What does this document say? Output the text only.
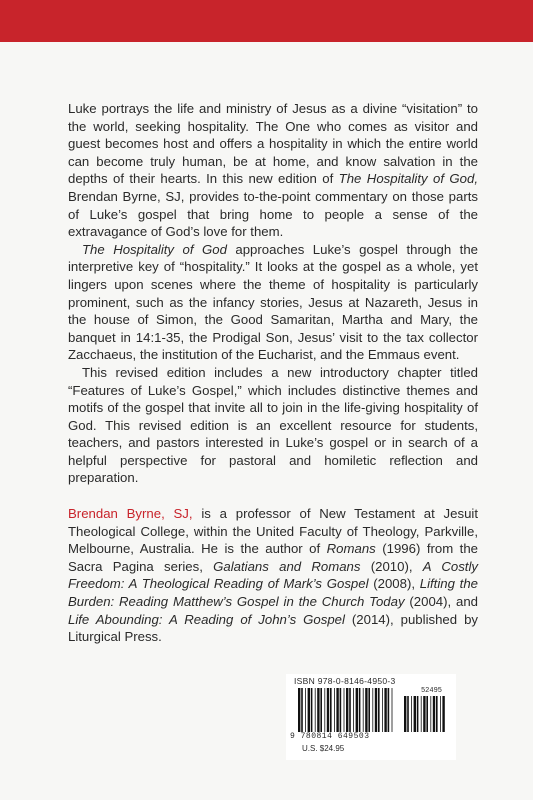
Luke portrays the life and ministry of Jesus as a divine “visitation” to the world, seeking hospitality. The One who comes as visitor and guest becomes host and offers a hospitality in which the entire world can become truly human, be at home, and know salvation in the depths of their hearts. In this new edition of The Hospitality of God, Brendan Byrne, SJ, provides to-the-point commentary on those parts of Luke’s gospel that bring home to people a sense of the extravagance of God’s love for them.

The Hospitality of God approaches Luke’s gospel through the interpretive key of “hospitality.” It looks at the gospel as a whole, yet lingers upon scenes where the theme of hospitality is particularly prominent, such as the infancy stories, Jesus at Nazareth, Jesus in the house of Simon, the Good Samaritan, Martha and Mary, the banquet in 14:1-35, the Prodigal Son, Jesus’ visit to the tax collector Zacchaeus, the institution of the Eucharist, and the Emmaus event.

This revised edition includes a new introductory chapter titled “Features of Luke’s Gospel,” which includes distinctive themes and motifs of the gospel that invite all to join in the life-giving hospitality of God. This revised edition is an excellent resource for students, teachers, and pastors interested in Luke’s gospel or in search of a helpful perspective for pastoral and homiletic reflection and preparation.

Brendan Byrne, SJ, is a professor of New Testament at Jesuit Theological College, within the United Faculty of Theology, Parkville, Melbourne, Australia. He is the author of Romans (1996) from the Sacra Pagina series, Galatians and Romans (2010), A Costly Freedom: A Theological Reading of Mark’s Gospel (2008), Lifting the Burden: Reading Matthew’s Gospel in the Church Today (2004), and Life Abounding: A Reading of John’s Gospel (2014), published by Liturgical Press.

ISBN 978-0-8146-4950-3
52495
9 780814 649503
U.S. $24.95
